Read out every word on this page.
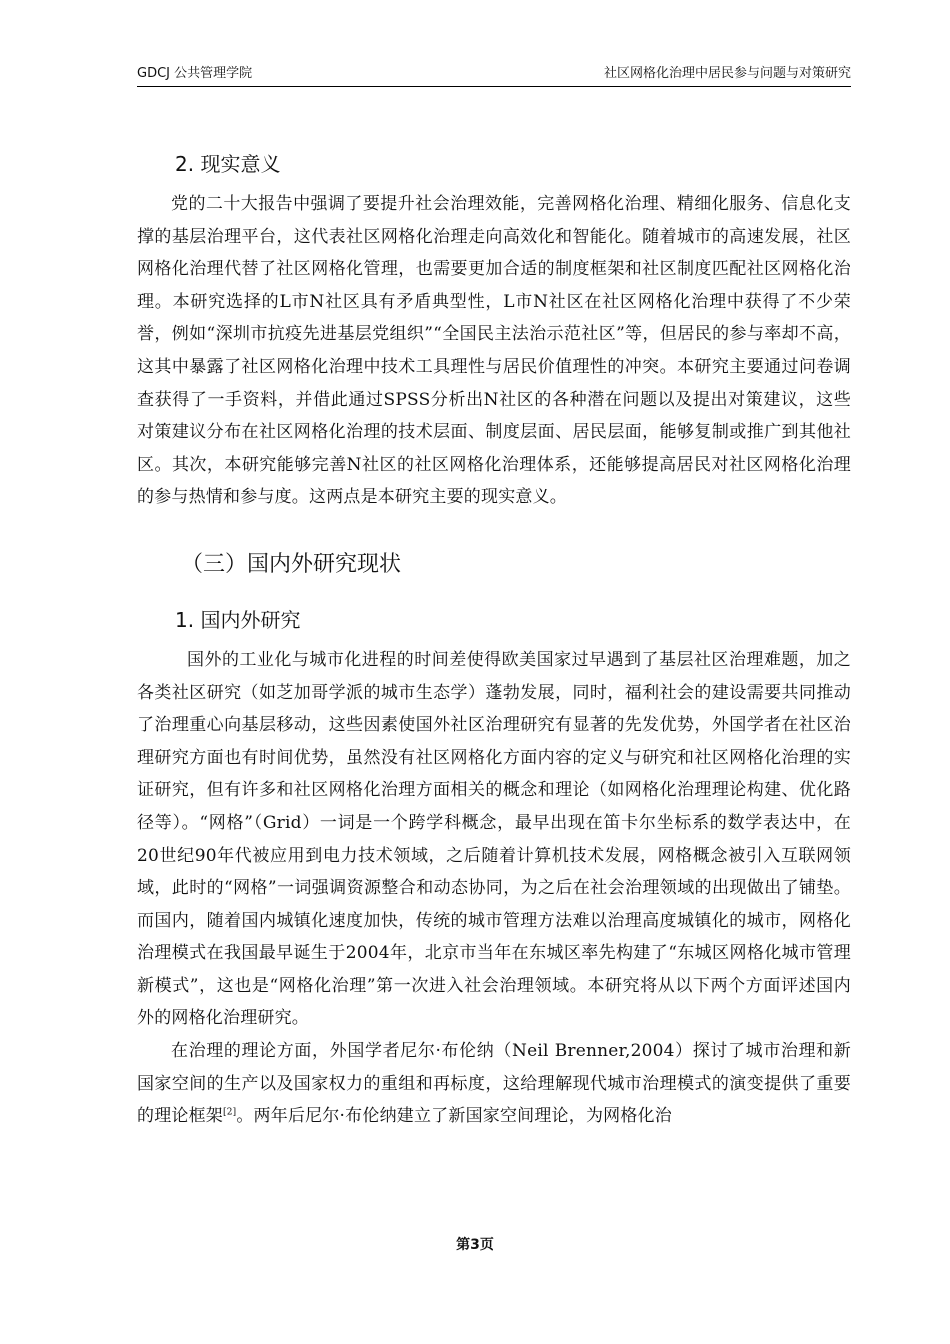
GDCJ 公共管理学院	社区网格化治理中居民参与问题与对策研究
2. 现实意义

党的二十大报告中强调了要提升社会治理效能，完善网格化治理、精细化服务、信息化支撑的基层治理平台，这代表社区网格化治理走向高效化和智能化。随着城市的高速发展，社区网格化治理代替了社区网格化管理，也需要更加合适的制度框架和社区制度匹配社区网格化治理。本研究选择的L市N社区具有矛盾典型性，L市N社区在社区网格化治理中获得了不少荣誉，例如“深圳市抗疫先进基层党组织”“全国民主法治示范社区”等，但居民的参与率却不高，这其中暴露了社区网格化治理中技术工具理性与居民价值理性的冲突。本研究主要通过问卷调查获得了一手资料，并借此通过SPSS分析出N社区的各种潜在问题以及提出对策建议，这些对策建议分布在社区网格化治理的技术层面、制度层面、居民层面，能够复制或推广到其他社区。其次，本研究能够完善N社区的社区网格化治理体系，还能够提高居民对社区网格化治理的参与热情和参与度。这两点是本研究主要的现实意义。

（三）国内外研究现状
1. 国内外研究

国外的工业化与城市化进程的时间差使得欧美国家过早遇到了基层社区治理难题，加之各类社区研究（如芝加哥学派的城市生态学）蓬勃发展，同时，福利社会的建设需要共同推动了治理重心向基层移动，这些因素使国外社区治理研究有显著的先发优势，外国学者在社区治理研究方面也有时间优势，虽然没有社区网格化方面内容的定义与研究和社区网格化治理的实证研究，但有许多和社区网格化治理方面相关的概念和理论（如网格化治理理论构建、优化路径等）。“网格”（Grid）一词是一个跨学科概念，最早出现在笛卡尔坐标系的数学表达中，在20世纪90年代被应用到电力技术领域，之后随着计算机技术发展，网格概念被引入互联网领域，此时的“网格”一词强调资源整合和动态协同，为之后在社会治理领域的出现做出了铺垫。而国内，随着国内城镇化速度加快，传统的城市管理方法难以治理高度城镇化的城市，网格化治理模式在我国最早诞生于2004年，北京市当年在东城区率先构建了“东城区网格化城市管理新模式”，这也是“网格化治理”第一次进入社会治理领域。本研究将从以下两个方面评述国内外的网格化治理研究。

在治理的理论方面，外国学者尼尔·布伦纳（Neil Brenner,2004）探讨了城市治理和新国家空间的生产以及国家权力的重组和再标度，这给理解现代城市治理模式的演变提供了重要的理论框架[2]。两年后尼尔·布伦纳建立了新国家空间理论，为网格化治

第3页
